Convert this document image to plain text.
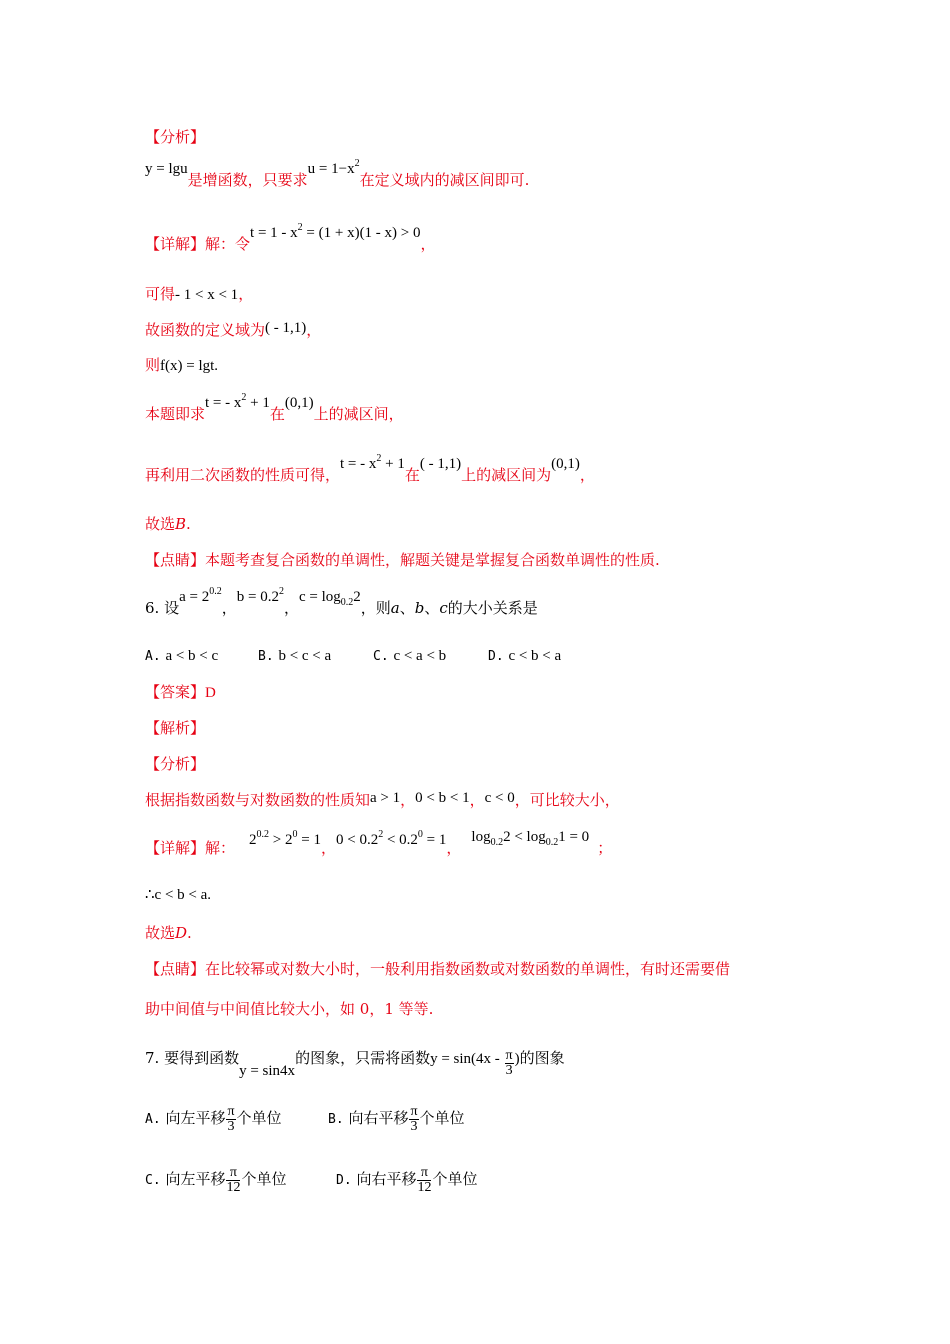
【分析】
y = lgu是增函数，只要求$u = 1-x^2$在定义域内的减区间即可.
【详解】解：令$t = 1 - x^2 = (1 + x)(1 - x) > 0$，
可得- 1 < x < 1，
故函数的定义域为( - 1,1)，
则f(x) = lgt.
本题即求t = - $x^2 + 1$在(0,1)上的减区间，
再利用二次函数的性质可得，t = - $x^2 + 1$在( - 1,1)上的减区间为(0,1)，
故选B.
【点睛】本题考查复合函数的单调性，解题关键是掌握复合函数单调性的性质.
6. 设$a = 2^{0.2}$，$b = 0.2^2$，$c = \log_{0.2}2$，则a、b、c的大小关系是
A. a < b < c	B. b < c < a	C. c < a < b	D. c < b < a
【答案】D
【解析】
【分析】
根据指数函数与对数函数的性质知a > 1，0 < b < 1，c < 0，可比较大小，
【详解】解： $2^{0.2} > 2^0 = 1$，$0 < 0.2^2 < 0.2^0 = 1$，$\log_{0.2}2 < \log_{0.2}1 = 0$；
∴c < b < a.
故选D.
【点睛】在比较幂或对数大小时，一般利用指数函数或对数函数的单调性，有时还需要借
助中间值与中间值比较大小，如 0，1 等等.
7. 要得到函数y = sin4x的图象，只需将函数$y = \sin(4x - \frac{\pi}{3}$ )的图象
A. 向左平移 $\frac{\pi}{3}$ 个单位	B. 向右平移 $\frac{\pi}{3}$ 个单位
C. 向左平移 $\frac{\pi}{12}$ 个单位	D. 向右平移 $\frac{\pi}{12}$ 个单位
